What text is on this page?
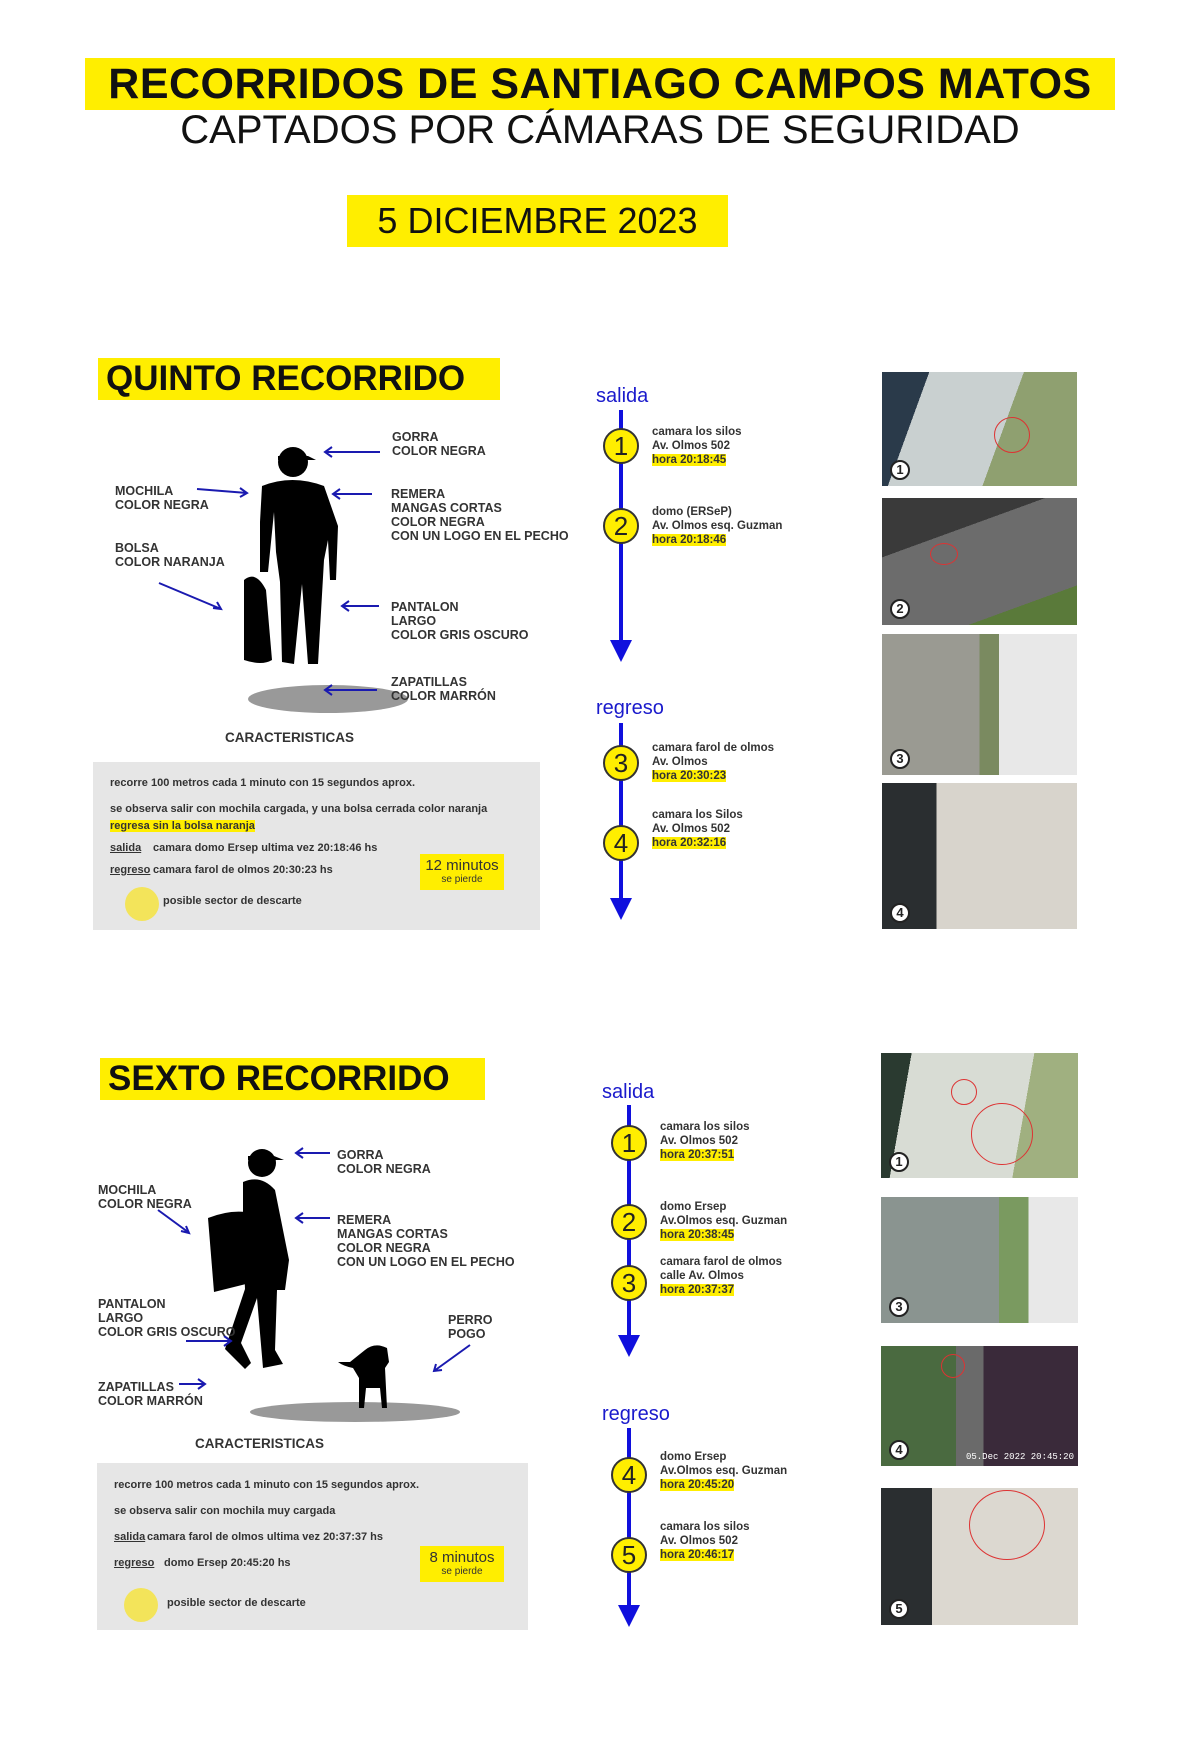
RECORRIDOS DE SANTIAGO CAMPOS MATOS
CAPTADOS POR CÁMARAS DE SEGURIDAD
5 DICIEMBRE 2023
QUINTO RECORRIDO
GORRA
COLOR NEGRA
MOCHILA
COLOR NEGRA
REMERA
MANGAS CORTAS
COLOR NEGRA
CON UN LOGO EN EL PECHO
BOLSA
COLOR NARANJA
PANTALON
LARGO
COLOR GRIS OSCURO
ZAPATILLAS
COLOR MARRÓN
CARACTERISTICAS

recorre 100 metros cada 1 minuto con 15 segundos aprox.

se observa salir con mochila cargada, y una bolsa cerrada color naranja

regresa sin la bolsa naranja

salida camara domo Ersep ultima vez 20:18:46 hs

regreso camara farol de olmos 20:30:23 hs	12 minutos
se pierde

posible sector de descarte

salida
regreso
1	camara los silos
Av. Olmos 502
hora 20:18:45
2	domo (ERSeP)
Av. Olmos esq. Guzman
hora 20:18:46
3	camara farol de olmos
Av. Olmos
hora 20:30:23
4
camara los Silos
Av. Olmos 502
hora 20:32:16
1
2
3
4
SEXTO RECORRIDO
GORRA
COLOR NEGRA
MOCHILA
COLOR NEGRA
REMERA
MANGAS CORTAS
COLOR NEGRA
CON UN LOGO EN EL PECHO
PANTALON
LARGO
COLOR GRIS OSCURO
PERRO
POGO
ZAPATILLAS
COLOR MARRÓN
CARACTERISTICAS

recorre 100 metros cada 1 minuto con 15 segundos aprox.

se observa salir con mochila muy cargada

salida camara farol de olmos ultima vez 20:37:37 hs

regreso domo Ersep 20:45:20 hs	8 minutos
se pierde

posible sector de descarte

salida
regreso
1
camara los silos
Av. Olmos 502
hora 20:37:51
2	domo Ersep
Av.Olmos esq. Guzman
hora 20:38:45
3
camara farol de olmos
calle Av. Olmos
hora 20:37:37
4
domo Ersep
Av.Olmos esq. Guzman
hora 20:45:20
5
camara los silos
Av. Olmos 502
hora 20:46:17
1
3
4	05.Dec 2022 20:45:20
5
